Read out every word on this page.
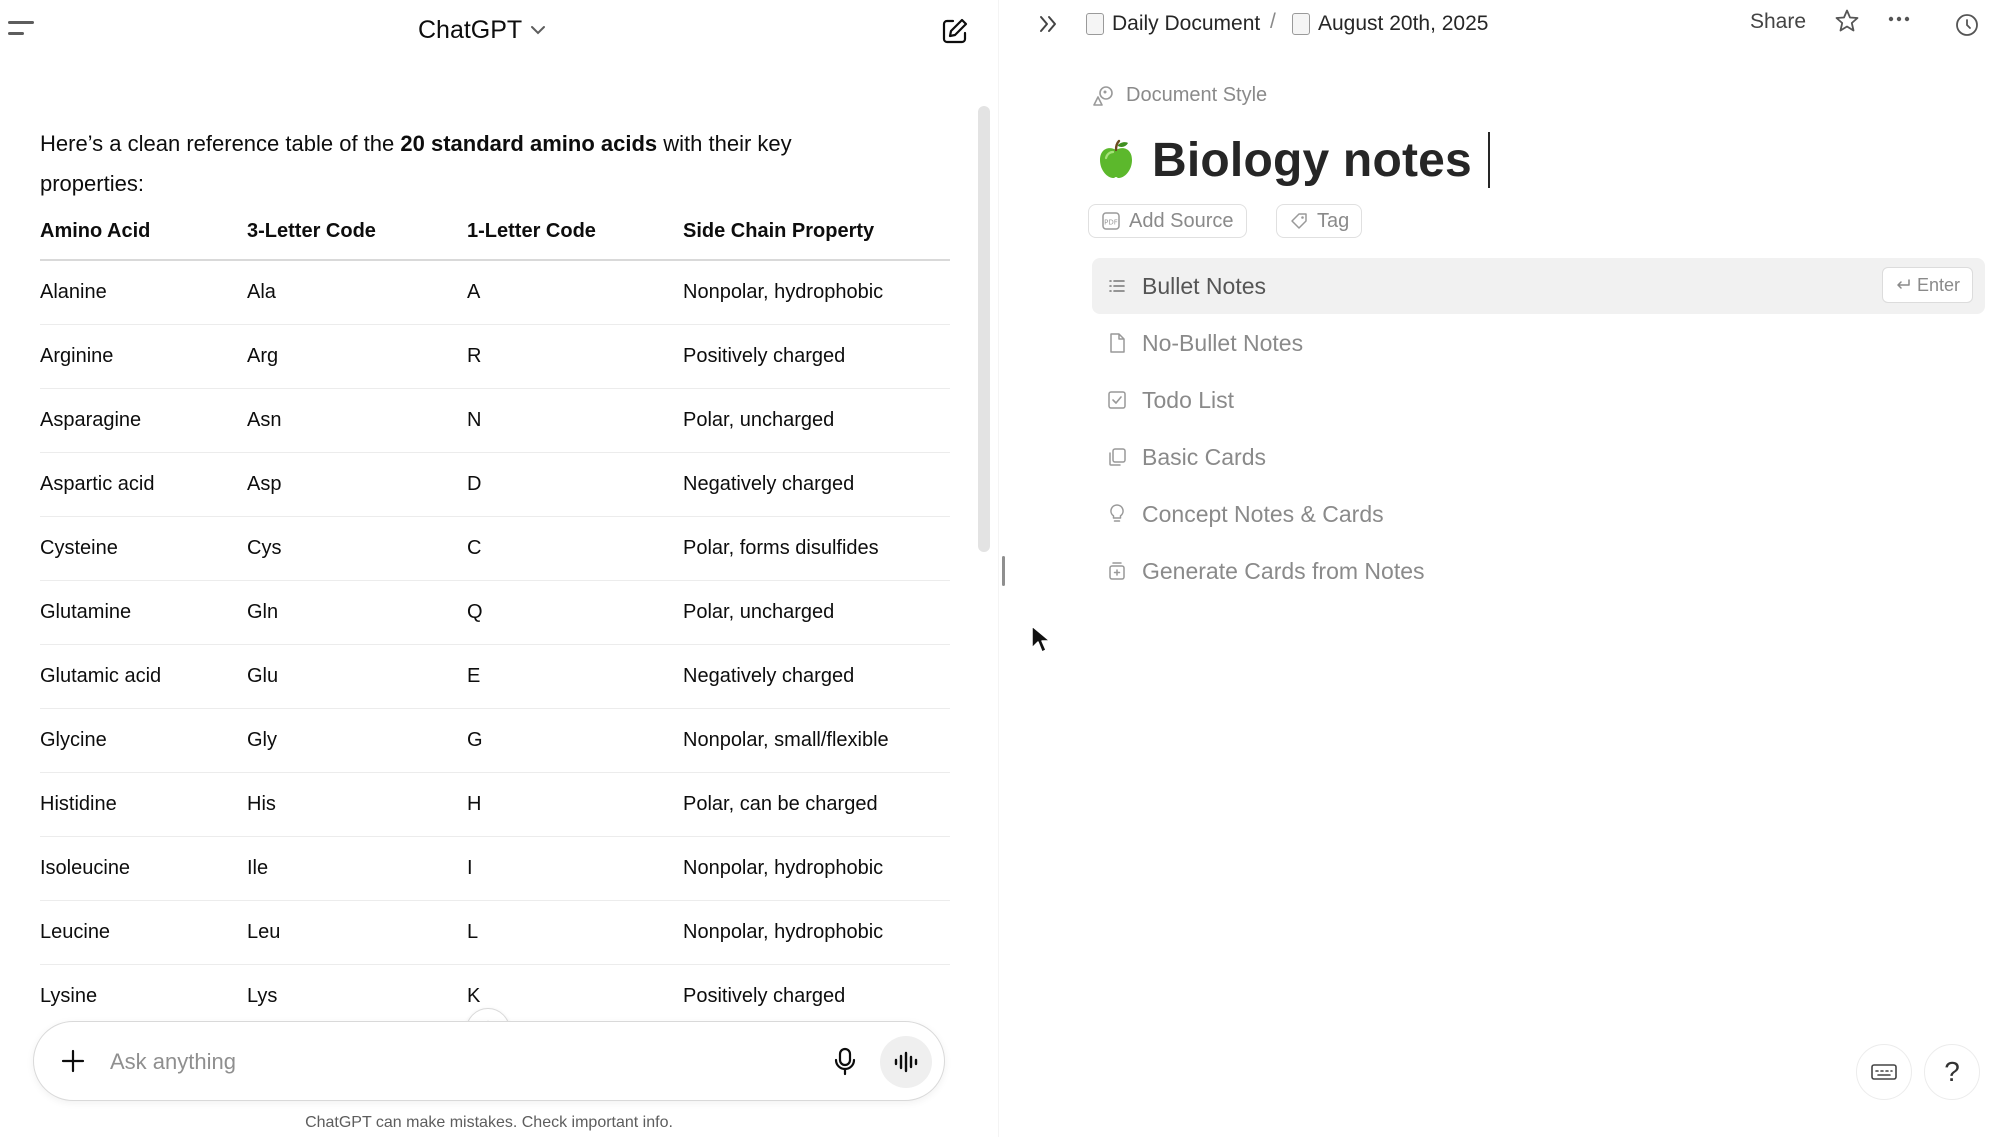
ChatGPT

Here’s a clean reference table of the 20 standard amino acids with their key properties:

Amino Acid	3-Letter Code	1-Letter Code	Side Chain Property
Alanine	Ala	A	Nonpolar, hydrophobic
Arginine	Arg	R	Positively charged
Asparagine	Asn	N	Polar, uncharged
Aspartic acid	Asp	D	Negatively charged
Cysteine	Cys	C	Polar, forms disulfides
Glutamine	Gln	Q	Polar, uncharged
Glutamic acid	Glu	E	Negatively charged
Glycine	Gly	G	Nonpolar, small/flexible
Histidine	His	H	Polar, can be charged
Isoleucine	Ile	I	Nonpolar, hydrophobic
Leucine	Leu	L	Nonpolar, hydrophobic
Lysine	Lys	K	Positively charged
Ask anything
ChatGPT can make mistakes. Check important info.
Daily Document / August 20th, 2025	Share
Document Style
Biology notes
PDF Add Source	Tag
Bullet Notes	Enter
No-Bullet Notes
Todo List
Basic Cards
Concept Notes & Cards
Generate Cards from Notes
?
